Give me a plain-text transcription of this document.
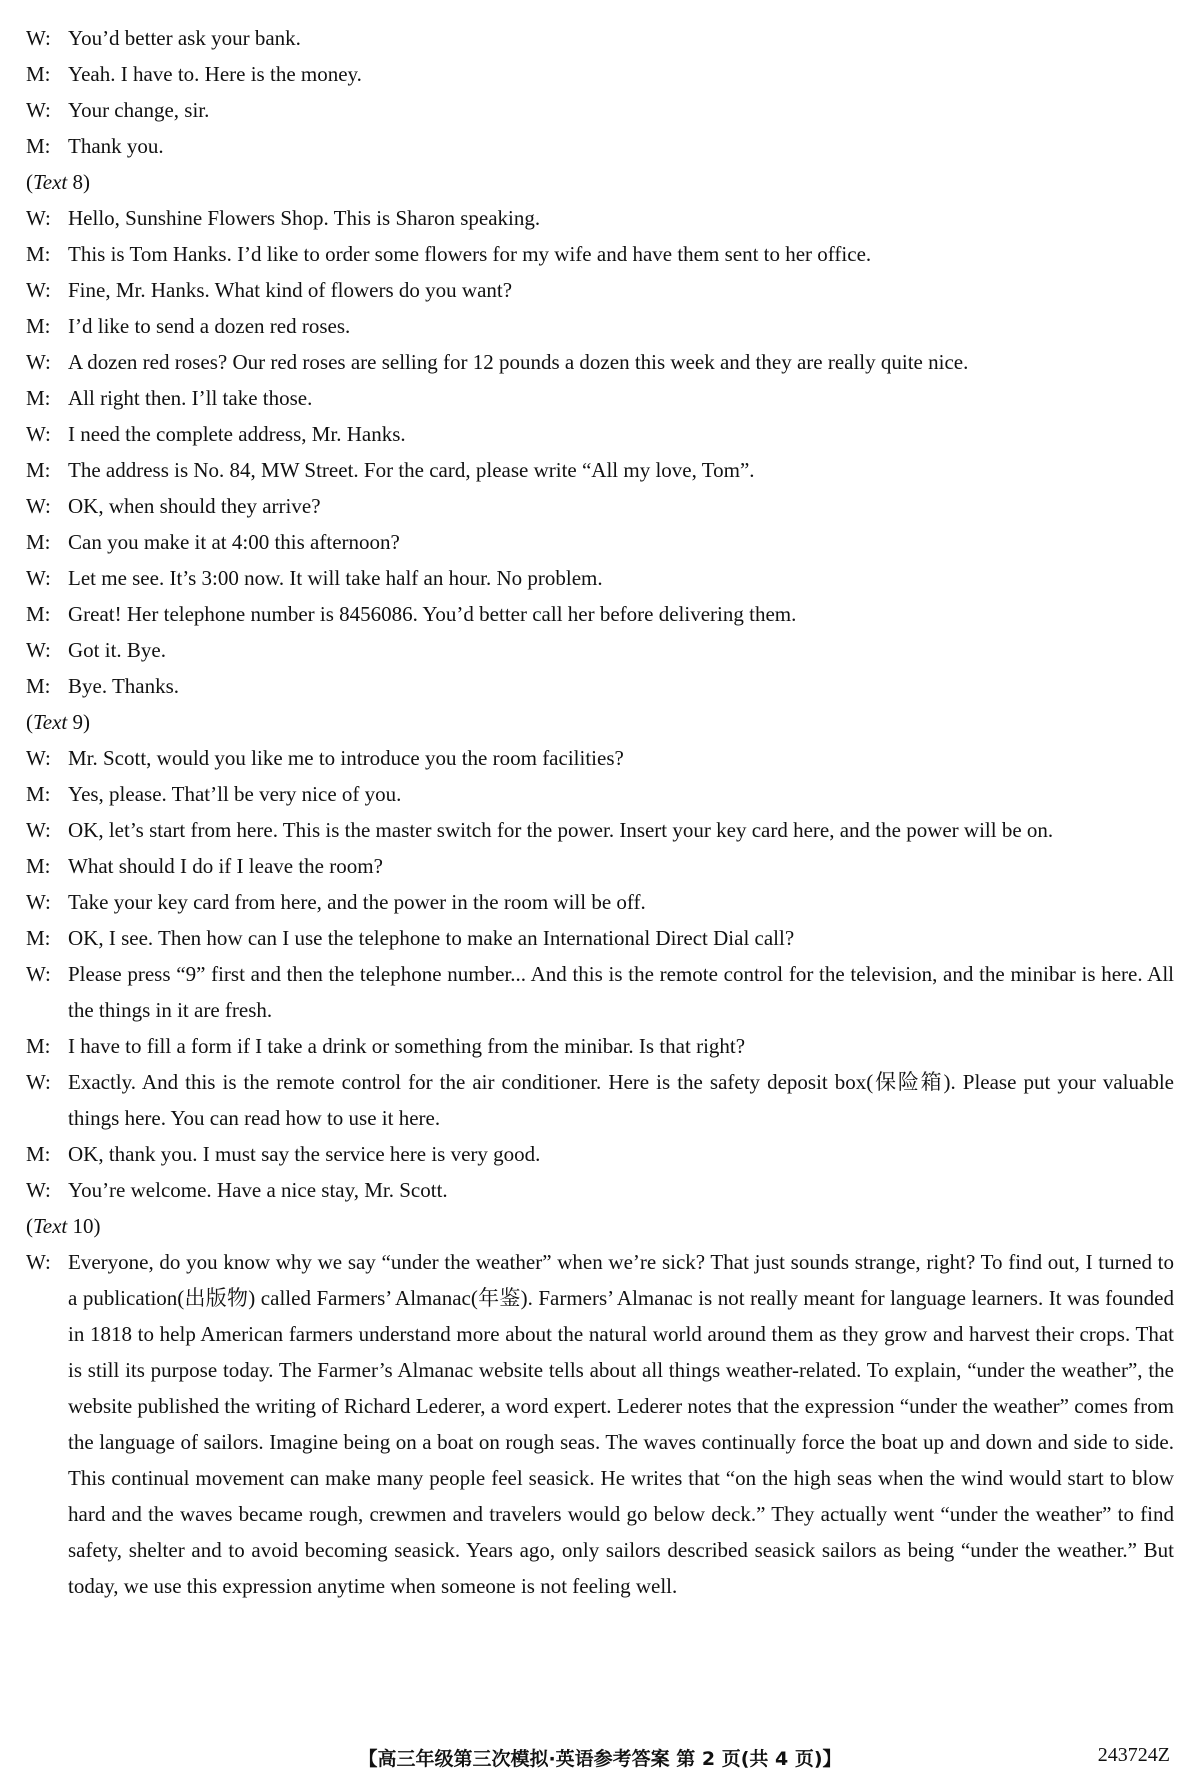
W: You’d better ask your bank.
M: Yeah. I have to. Here is the money.
W: Your change, sir.
M: Thank you.
(Text 8)
W: Hello, Sunshine Flowers Shop. This is Sharon speaking.
M: This is Tom Hanks. I’d like to order some flowers for my wife and have them sent to her office.
W: Fine, Mr. Hanks. What kind of flowers do you want?
M: I’d like to send a dozen red roses.
W: A dozen red roses? Our red roses are selling for 12 pounds a dozen this week and they are really quite nice.
M: All right then. I’ll take those.
W: I need the complete address, Mr. Hanks.
M: The address is No. 84, MW Street. For the card, please write “All my love, Tom”.
W: OK, when should they arrive?
M: Can you make it at 4:00 this afternoon?
W: Let me see. It’s 3:00 now. It will take half an hour. No problem.
M: Great! Her telephone number is 8456086. You’d better call her before delivering them.
W: Got it. Bye.
M: Bye. Thanks.
(Text 9)
W: Mr. Scott, would you like me to introduce you the room facilities?
M: Yes, please. That’ll be very nice of you.
W: OK, let’s start from here. This is the master switch for the power. Insert your key card here, and the power will be on.
M: What should I do if I leave the room?
W: Take your key card from here, and the power in the room will be off.
M: OK, I see. Then how can I use the telephone to make an International Direct Dial call?
W: Please press “9” first and then the telephone number... And this is the remote control for the television, and the minibar is here. All the things in it are fresh.
M: I have to fill a form if I take a drink or something from the minibar. Is that right?
W: Exactly. And this is the remote control for the air conditioner. Here is the safety deposit box(保险箱). Please put your valuable things here. You can read how to use it here.
M: OK, thank you. I must say the service here is very good.
W: You’re welcome. Have a nice stay, Mr. Scott.
(Text 10)
W: Everyone, do you know why we say “under the weather” when we’re sick? That just sounds strange, right? To find out, I turned to a publication(出版物) called Farmers’ Almanac(年鉴). Farmers’ Almanac is not really meant for language learners. It was founded in 1818 to help American farmers understand more about the natural world around them as they grow and harvest their crops. That is still its purpose today. The Farmer’s Almanac website tells about all things weather-related. To explain, “under the weather”, the website published the writing of Richard Lederer, a word expert. Lederer notes that the expression “under the weather” comes from the language of sailors. Imagine being on a boat on rough seas. The waves continually force the boat up and down and side to side. This continual movement can make many people feel seasick. He writes that “on the high seas when the wind would start to blow hard and the waves became rough, crewmen and travelers would go below deck.” They actually went “under the weather” to find safety, shelter and to avoid becoming seasick. Years ago, only sailors described seasick sailors as being “under the weather.” But today, we use this expression anytime when someone is not feeling well.
【高三年级第三次模拟·英语参考答案 第 2 页(共 4 页)】	243724Z
